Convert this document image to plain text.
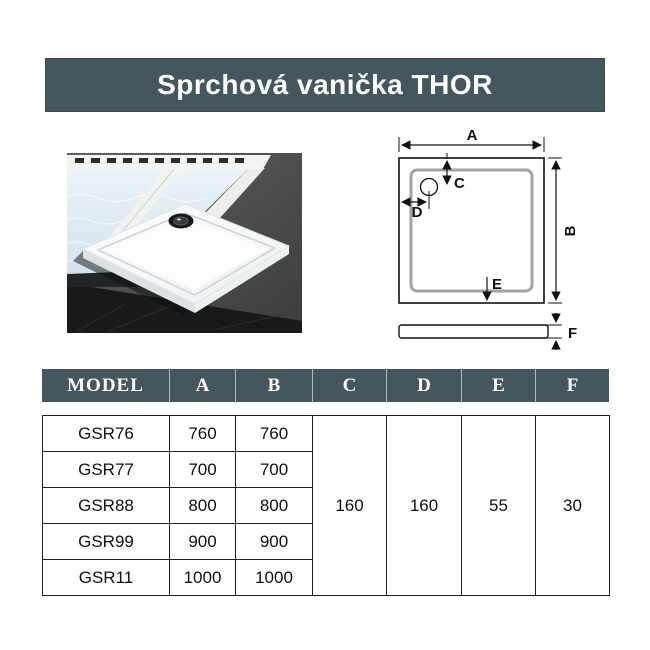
Sprchová vanička THOR
A
B
C
D
E
F
MODEL	A	B	C	D	E	F
GSR76	760	760	160	160	55	30
GSR77	700	700				
GSR88	800	800				
GSR99	900	900				
GSR11	1000	1000				
